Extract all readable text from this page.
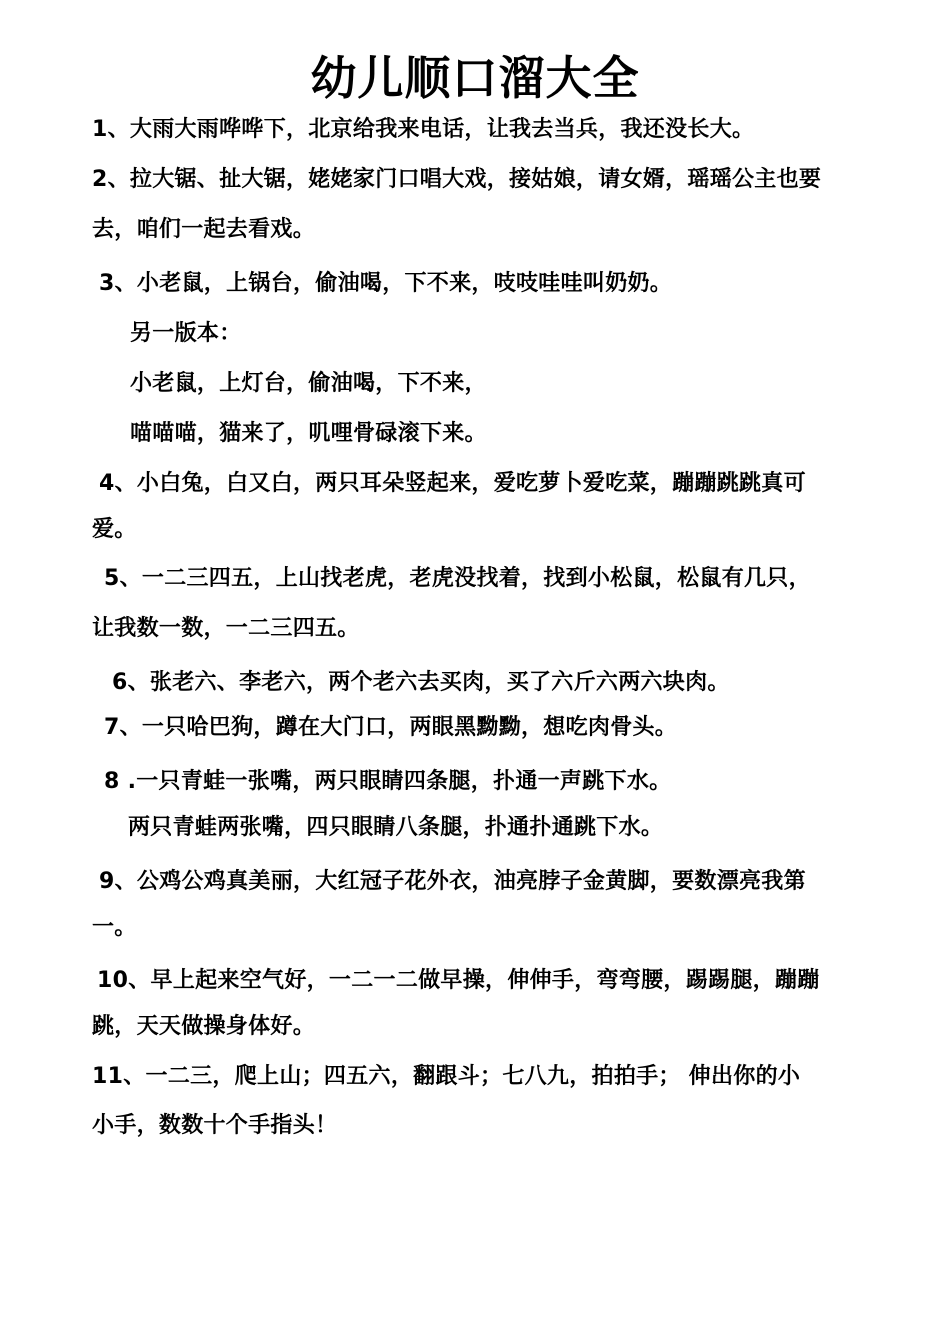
幼儿顺口溜大全
1、大雨大雨哗哗下，北京给我来电话，让我去当兵，我还没长大。
2、拉大锯、扯大锯，姥姥家门口唱大戏，接姑娘，请女婿，瑶瑶公主也要
去，咱们一起去看戏。
3、小老鼠，上锅台，偷油喝，下不来，吱吱哇哇叫奶奶。
另一版本：
小老鼠，上灯台，偷油喝，下不来，
喵喵喵，猫来了，叽哩骨碌滚下来。
4、小白兔，白又白，两只耳朵竖起来，爱吃萝卜爱吃菜，蹦蹦跳跳真可
爱。
5、一二三四五，上山找老虎，老虎没找着，找到小松鼠，松鼠有几只，
让我数一数，一二三四五。
6、张老六、李老六，两个老六去买肉，买了六斤六两六块肉。
7、一只哈巴狗，蹲在大门口，两眼黑黝黝，想吃肉骨头。
8 .一只青蛙一张嘴，两只眼睛四条腿，扑通一声跳下水。
两只青蛙两张嘴，四只眼睛八条腿，扑通扑通跳下水。
9、公鸡公鸡真美丽，大红冠子花外衣，油亮脖子金黄脚，要数漂亮我第
一。
10、早上起来空气好，一二一二做早操，伸伸手，弯弯腰，踢踢腿，蹦蹦
跳，天天做操身体好。
11、一二三，爬上山；四五六，翻跟斗；七八九，拍拍手； 伸出你的小
小手，数数十个手指头！
